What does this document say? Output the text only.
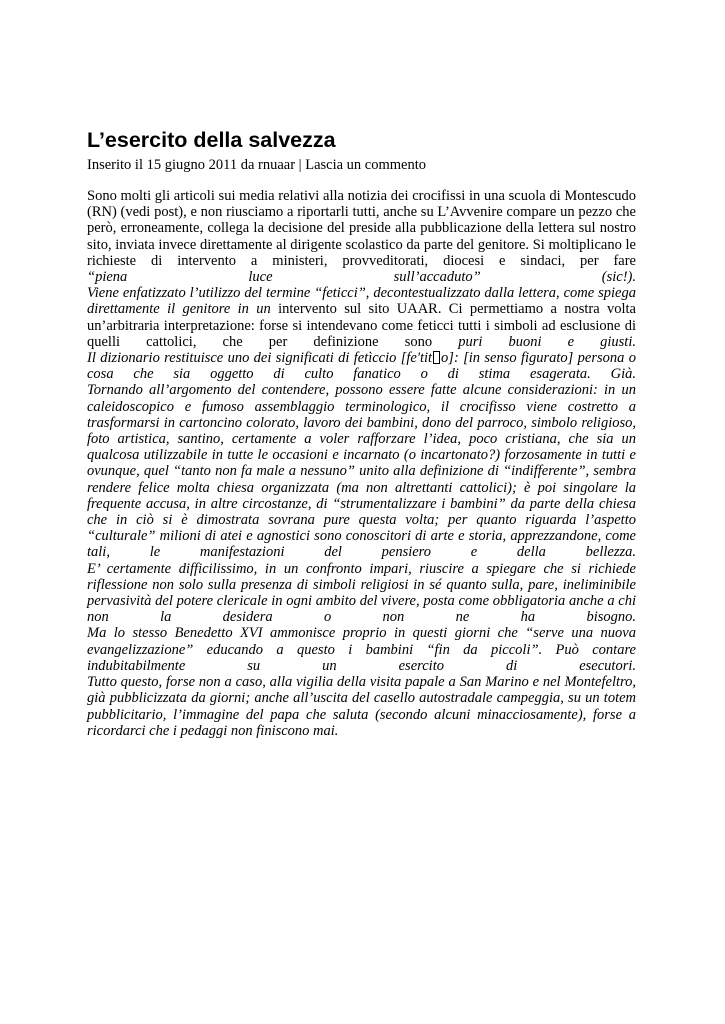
L’esercito della salvezza
Inserito il 15 giugno 2011 da rnuaar | Lascia un commento

Sono molti gli articoli sui media relativi alla notizia dei crocifissi in una scuola di Montescudo (RN) (vedi post), e non riusciamo a riportarli tutti, anche su L’Avvenire compare un pezzo che però, erroneamente, collega la decisione del preside alla pubblicazione della lettera sul nostro sito, inviata invece direttamente al dirigente scolastico da parte del genitore. Si moltiplicano le richieste di intervento a ministeri, provveditorati, diocesi e sindaci, per fare

“piena luce sull’accaduto” (sic!).

Viene enfatizzato l’utilizzo del termine “feticci”, decontestualizzato dalla lettera, come spiega direttamente il genitore in un intervento sul sito UAAR. Ci permettiamo a nostra volta un’arbitraria interpretazione: forse si intendevano come feticci tutti i simboli ad esclusione di quelli cattolici, che per definizione sono puri buoni e giusti.

Il dizionario restituisce uno dei significati di fetìccio [fe'tit o]: [in senso figurato] persona o cosa che sia oggetto di culto fanatico o di stima esagerata. Già.

Tornando all’argomento del contendere, possono essere fatte alcune considerazioni: in un caleidoscopico e fumoso assemblaggio terminologico, il crocifisso viene costretto a trasformarsi in cartoncino colorato, lavoro dei bambini, dono del parroco, simbolo religioso, foto artistica, santino, certamente a voler rafforzare l’idea, poco cristiana, che sia un qualcosa utilizzabile in tutte le occasioni e incarnato (o incartonato?) forzosamente in tutti e ovunque, quel “tanto non fa male a nessuno” unito alla definizione di “indifferente”, sembra rendere felice molta chiesa organizzata (ma non altrettanti cattolici); è poi singolare la frequente accusa, in altre circostanze, di “strumentalizzare i bambini” da parte della chiesa che in ciò si è dimostrata sovrana pure questa volta; per quanto riguarda l’aspetto “culturale” milioni di atei e agnostici sono conoscitori di arte e storia, apprezzandone, come tali, le manifestazioni del pensiero e della bellezza.

E’ certamente difficilissimo, in un confronto impari, riuscire a spiegare che si richiede riflessione non solo sulla presenza di simboli religiosi in sé quanto sulla, pare, ineliminibile pervasività del potere clericale in ogni ambito del vivere, posta come obbligatoria anche a chi non la desidera o non ne ha bisogno.

Ma lo stesso Benedetto XVI ammonisce proprio in questi giorni che “serve una nuova evangelizzazione” educando a questo i bambini “fin da piccoli”. Può contare indubitabilmente su un esercito di esecutori.

Tutto questo, forse non a caso, alla vigilia della visita papale a San Marino e nel Montefeltro, già pubblicizzata da giorni; anche all’uscita del casello autostradale campeggia, su un totem pubblicitario, l’immagine del papa che saluta (secondo alcuni minacciosamente), forse a ricordarci che i pedaggi non finiscono mai.
